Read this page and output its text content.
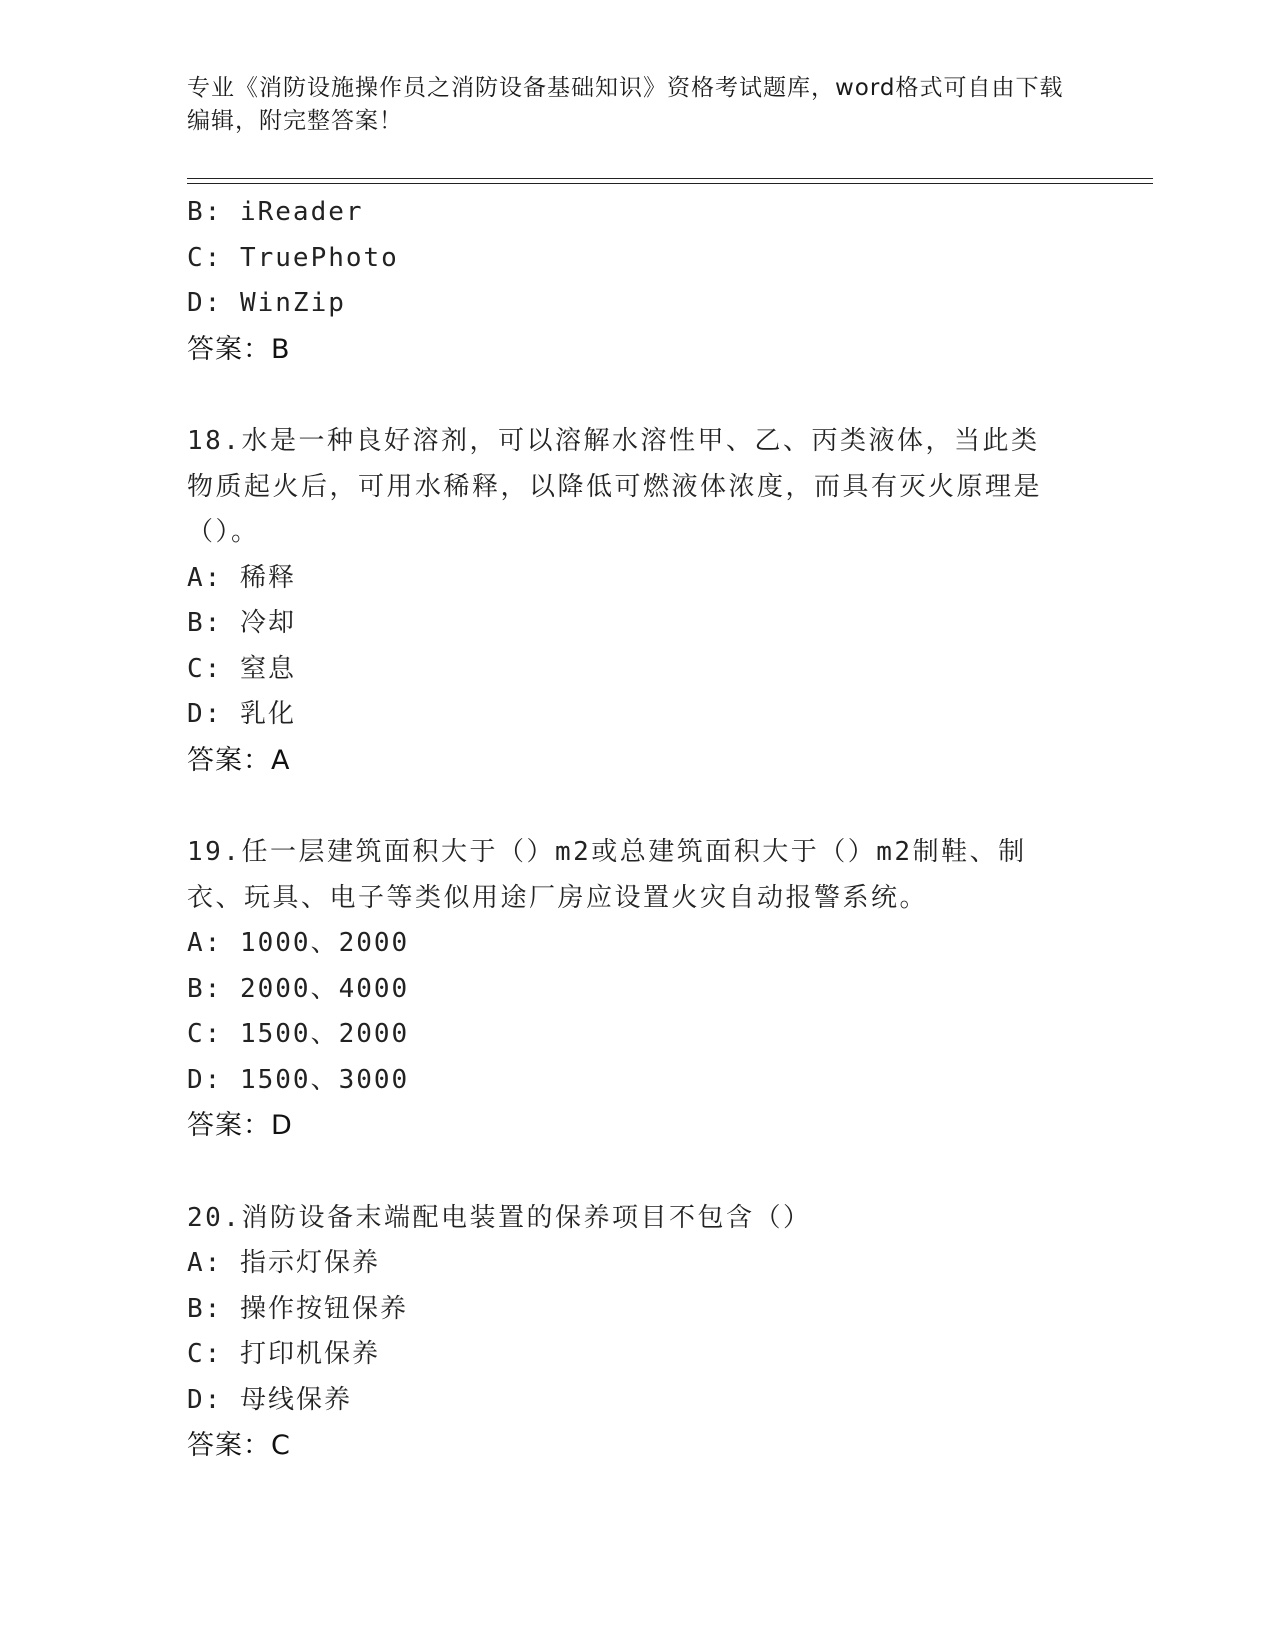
专业《消防设施操作员之消防设备基础知识》资格考试题库，word格式可自由下载编辑，附完整答案！
B: iReader
C: TruePhoto
D: WinZip
答案：B
18.水是一种良好溶剂，可以溶解水溶性甲、乙、丙类液体，当此类物质起火后，可用水稀释，以降低可燃液体浓度，而具有灭火原理是（）。
A: 稀释
B: 冷却
C: 窒息
D: 乳化
答案：A
19.任一层建筑面积大于（）m2或总建筑面积大于（）m2制鞋、制衣、玩具、电子等类似用途厂房应设置火灾自动报警系统。
A: 1000、2000
B: 2000、4000
C: 1500、2000
D: 1500、3000
答案：D
20.消防设备末端配电装置的保养项目不包含（）
A: 指示灯保养
B: 操作按钮保养
C: 打印机保养
D: 母线保养
答案：C
